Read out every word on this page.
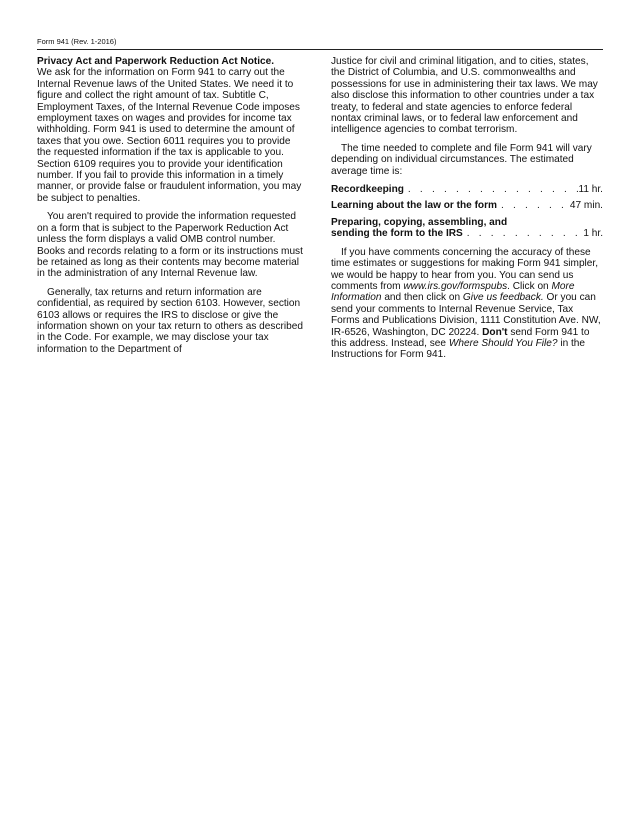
Form 941 (Rev. 1-2016)

Privacy Act and Paperwork Reduction Act Notice.
We ask for the information on Form 941 to carry out the Internal Revenue laws of the United States. We need it to figure and collect the right amount of tax. Subtitle C, Employment Taxes, of the Internal Revenue Code imposes employment taxes on wages and provides for income tax withholding. Form 941 is used to determine the amount of taxes that you owe. Section 6011 requires you to provide the requested information if the tax is applicable to you. Section 6109 requires you to provide your identification number. If you fail to provide this information in a timely manner, or provide false or fraudulent information, you may be subject to penalties.

You aren't required to provide the information requested on a form that is subject to the Paperwork Reduction Act unless the form displays a valid OMB control number. Books and records relating to a form or its instructions must be retained as long as their contents may become material in the administration of any Internal Revenue law.

Generally, tax returns and return information are confidential, as required by section 6103. However, section 6103 allows or requires the IRS to disclose or give the information shown on your tax return to others as described in the Code. For example, we may disclose your tax information to the Department of

Justice for civil and criminal litigation, and to cities, states, the District of Columbia, and U.S. commonwealths and possessions for use in administering their tax laws. We may also disclose this information to other countries under a tax treaty, to federal and state agencies to enforce federal nontax criminal laws, or to federal law enforcement and intelligence agencies to combat terrorism.

The time needed to complete and file Form 941 will vary depending on individual circumstances. The estimated average time is:

Recordkeeping . . .	11 hr.
Learning about the law or the form . . .	47 min.
Preparing, copying, assembling, and
sending the form to the IRS . . .	1 hr.

If you have comments concerning the accuracy of these time estimates or suggestions for making Form 941 simpler, we would be happy to hear from you. You can send us comments from www.irs.gov/formspubs. Click on More Information and then click on Give us feedback. Or you can send your comments to Internal Revenue Service, Tax Forms and Publications Division, 1111 Constitution Ave. NW, IR-6526, Washington, DC 20224. Don't send Form 941 to this address. Instead, see Where Should You File? in the Instructions for Form 941.
